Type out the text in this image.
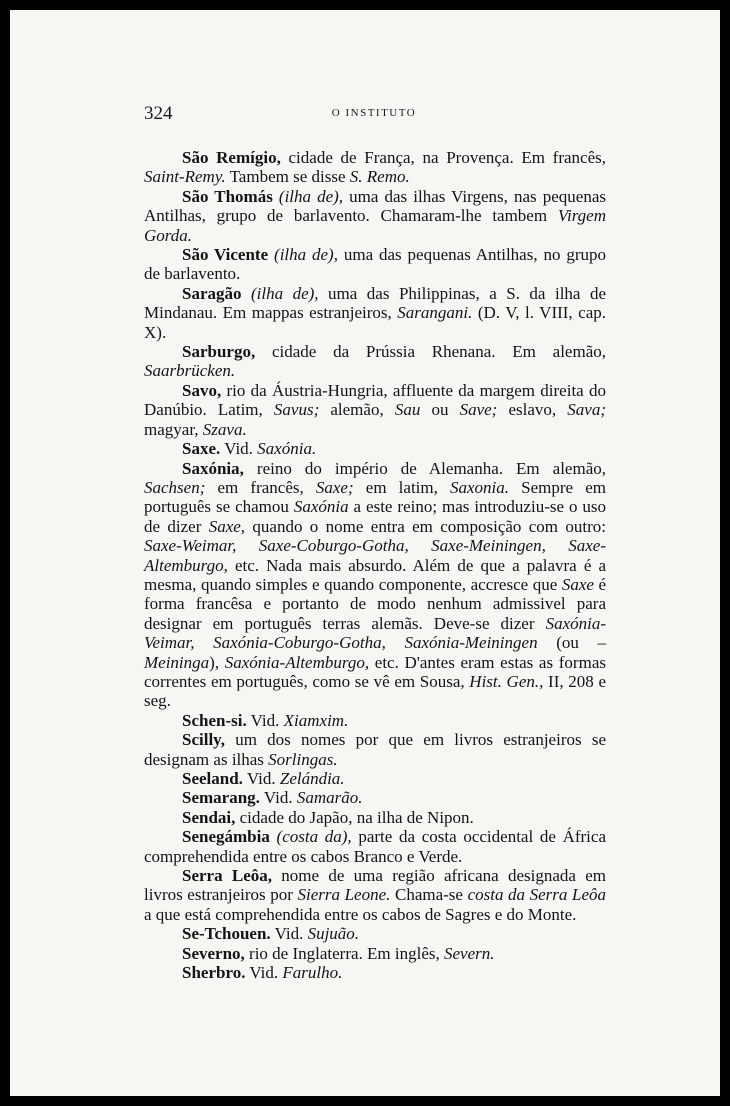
324	O INSTITUTO

São Remígio, cidade de França, na Provença. Em francês, Saint-Remy. Tambem se disse S. Remo.

São Thomás (ilha de), uma das ilhas Virgens, nas pequenas Antilhas, grupo de barlavento. Chamaram-lhe tambem Virgem Gorda.

São Vicente (ilha de), uma das pequenas Antilhas, no grupo de barlavento.

Saragão (ilha de), uma das Philippinas, a S. da ilha de Mindanau. Em mappas estranjeiros, Sarangani. (D. V, l. VIII, cap. X).

Sarburgo, cidade da Prússia Rhenana. Em alemão, Saarbrücken.

Savo, rio da Áustria-Hungria, affluente da margem direita do Danúbio. Latim, Savus; alemão, Sau ou Save; eslavo, Sava; magyar, Szava.

Saxe. Vid. Saxónia.

Saxónia, reino do império de Alemanha. Em alemão, Sachsen; em francês, Saxe; em latim, Saxonia. Sempre em português se chamou Saxónia a este reino; mas introduziu-se o uso de dizer Saxe, quando o nome entra em composição com outro: Saxe-Weimar, Saxe-Coburgo-Gotha, Saxe-Meiningen, Saxe-Altemburgo, etc. Nada mais absurdo. Além de que a palavra é a mesma, quando simples e quando componente, accresce que Saxe é forma francêsa e portanto de modo nenhum admissivel para designar em português terras alemãs. Deve-se dizer Saxónia-Veimar, Saxónia-Coburgo-Gotha, Saxónia-Meiningen (ou – Meininga), Saxónia-Altemburgo, etc. D'antes eram estas as formas correntes em português, como se vê em Sousa, Hist. Gen., II, 208 e seg.

Schen-si. Vid. Xiamxim.

Scilly, um dos nomes por que em livros estranjeiros se designam as ilhas Sorlingas.

Seeland. Vid. Zelándia.

Semarang. Vid. Samarão.

Sendai, cidade do Japão, na ilha de Nipon.

Senegámbia (costa da), parte da costa occidental de África comprehendida entre os cabos Branco e Verde.

Serra Leôa, nome de uma região africana designada em livros estranjeiros por Sierra Leone. Chama-se costa da Serra Leôa a que está comprehendida entre os cabos de Sagres e do Monte.

Se-Tchouen. Vid. Sujuão.

Severno, rio de Inglaterra. Em inglês, Severn.

Sherbro. Vid. Farulho.
